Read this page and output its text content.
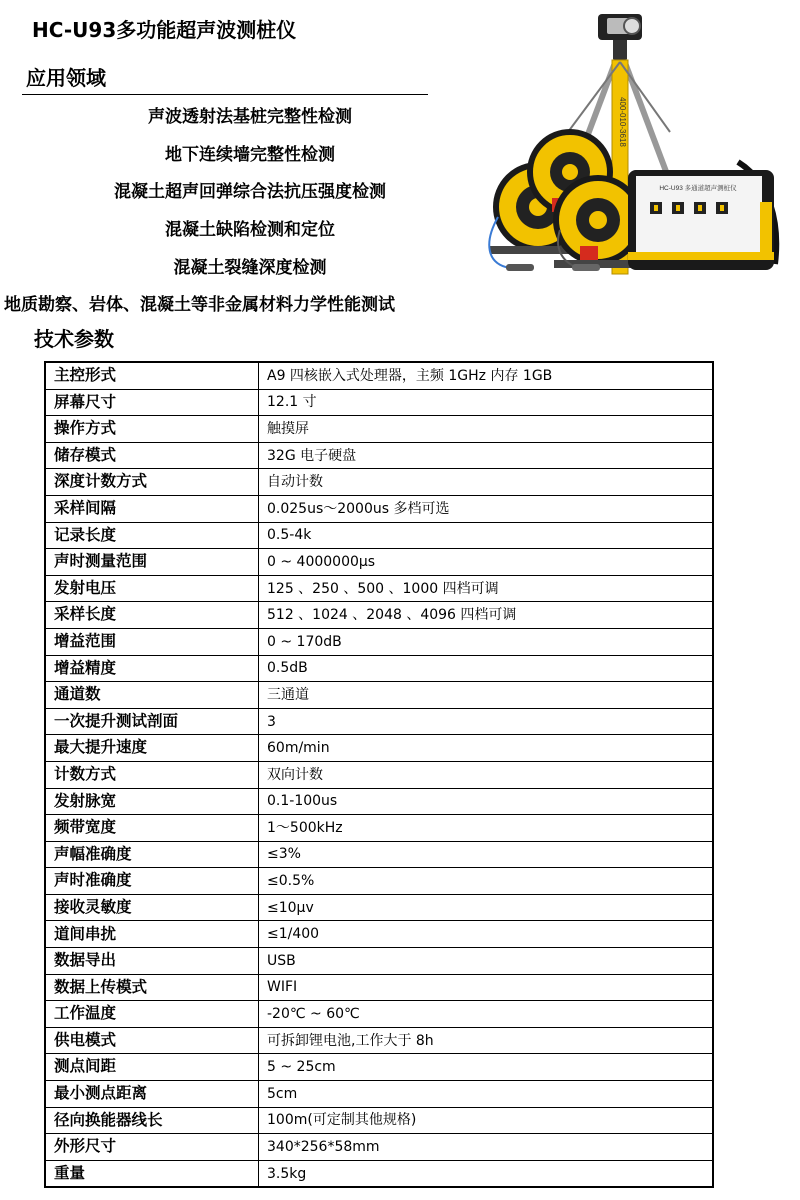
HC-U93多功能超声波测桩仪
应用领域
声波透射法基桩完整性检测
地下连续墙完整性检测
混凝土超声回弹综合法抗压强度检测
混凝土缺陷检测和定位
混凝土裂缝深度检测
地质勘察、岩体、混凝土等非金属材料力学性能测试
技术参数
主控形式	A9 四核嵌入式处理器，主频 1GHz 内存 1GB
屏幕尺寸	12.1 寸
操作方式	触摸屏
储存模式	32G 电子硬盘
深度计数方式	自动计数
采样间隔	0.025us～2000us 多档可选
记录长度	0.5-4k
声时测量范围	0 ~ 4000000μs
发射电压	125 、250 、500 、1000 四档可调
采样长度	512 、1024 、2048 、4096 四档可调
增益范围	0 ~ 170dB
增益精度	0.5dB
通道数	三通道
一次提升测试剖面	3
最大提升速度	60m/min
计数方式	双向计数
发射脉宽	0.1-100us
频带宽度	1～500kHz
声幅准确度	≤3%
声时准确度	≤0.5%
接收灵敏度	≤10μv
道间串扰	≤1/400
数据导出	USB
数据上传模式	WIFI
工作温度	-20℃ ~ 60℃
供电模式	可拆卸锂电池,工作大于 8h
测点间距	5 ~ 25cm
最小测点距离	5cm
径向换能器线长	100m(可定制其他规格)
外形尺寸	340*256*58mm
重量	3.5kg
400-010-3618
HC-U93 多通道超声测桩仪
